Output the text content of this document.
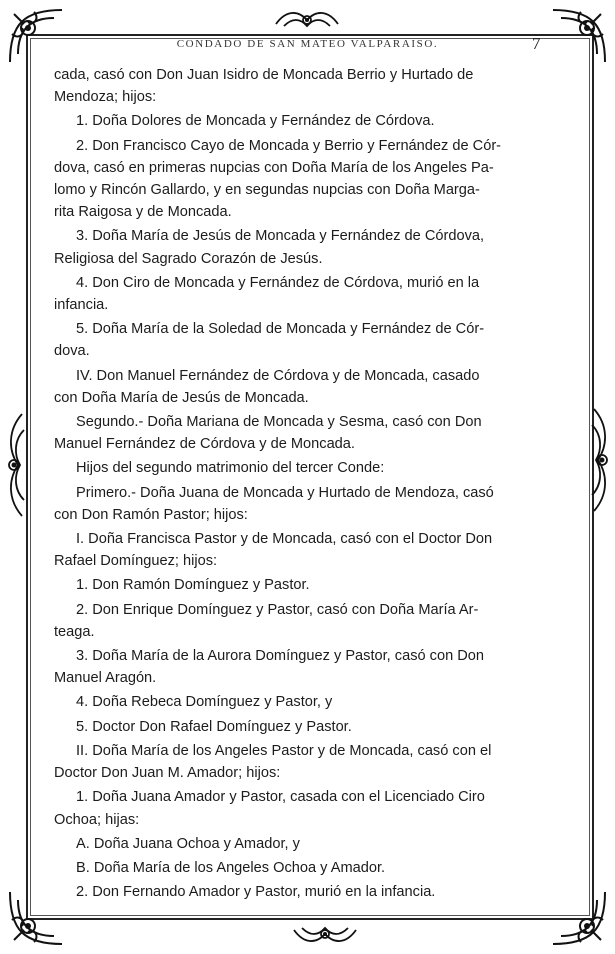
CONDADO DE SAN MATEO VALPARAISO.	7
cada, casó con Don Juan Isidro de Moncada Berrio y Hurtado de
Mendoza; hijos:
1. Doña Dolores de Moncada y Fernández de Córdova.
2. Don Francisco Cayo de Moncada y Berrio y Fernández de Cór-
dova, casó en primeras nupcias con Doña María de los Angeles Pa-
lomo y Rincón Gallardo, y en segundas nupcias con Doña Marga-
rita Raigosa y de Moncada.
3. Doña María de Jesús de Moncada y Fernández de Córdova,
Religiosa del Sagrado Corazón de Jesús.
4. Don Ciro de Moncada y Fernández de Córdova, murió en la
infancia.
5. Doña María de la Soledad de Moncada y Fernández de Cór-
dova.
IV. Don Manuel Fernández de Córdova y de Moncada, casado
con Doña María de Jesús de Moncada.
Segundo.- Doña Mariana de Moncada y Sesma, casó con Don
Manuel Fernández de Córdova y de Moncada.
Hijos del segundo matrimonio del tercer Conde:
Primero.- Doña Juana de Moncada y Hurtado de Mendoza, casó
con Don Ramón Pastor; hijos:
I. Doña Francisca Pastor y de Moncada, casó con el Doctor Don
Rafael Domínguez; hijos:
1. Don Ramón Domínguez y Pastor.
2. Don Enrique Domínguez y Pastor, casó con Doña María Ar-
teaga.
3. Doña María de la Aurora Domínguez y Pastor, casó con Don
Manuel Aragón.
4. Doña Rebeca Domínguez y Pastor, y
5. Doctor Don Rafael Domínguez y Pastor.
II. Doña María de los Angeles Pastor y de Moncada, casó con el
Doctor Don Juan M. Amador; hijos:
1. Doña Juana Amador y Pastor, casada con el Licenciado Ciro
Ochoa; hijas:
A. Doña Juana Ochoa y Amador, y
B. Doña María de los Angeles Ochoa y Amador.
2. Don Fernando Amador y Pastor, murió en la infancia.
